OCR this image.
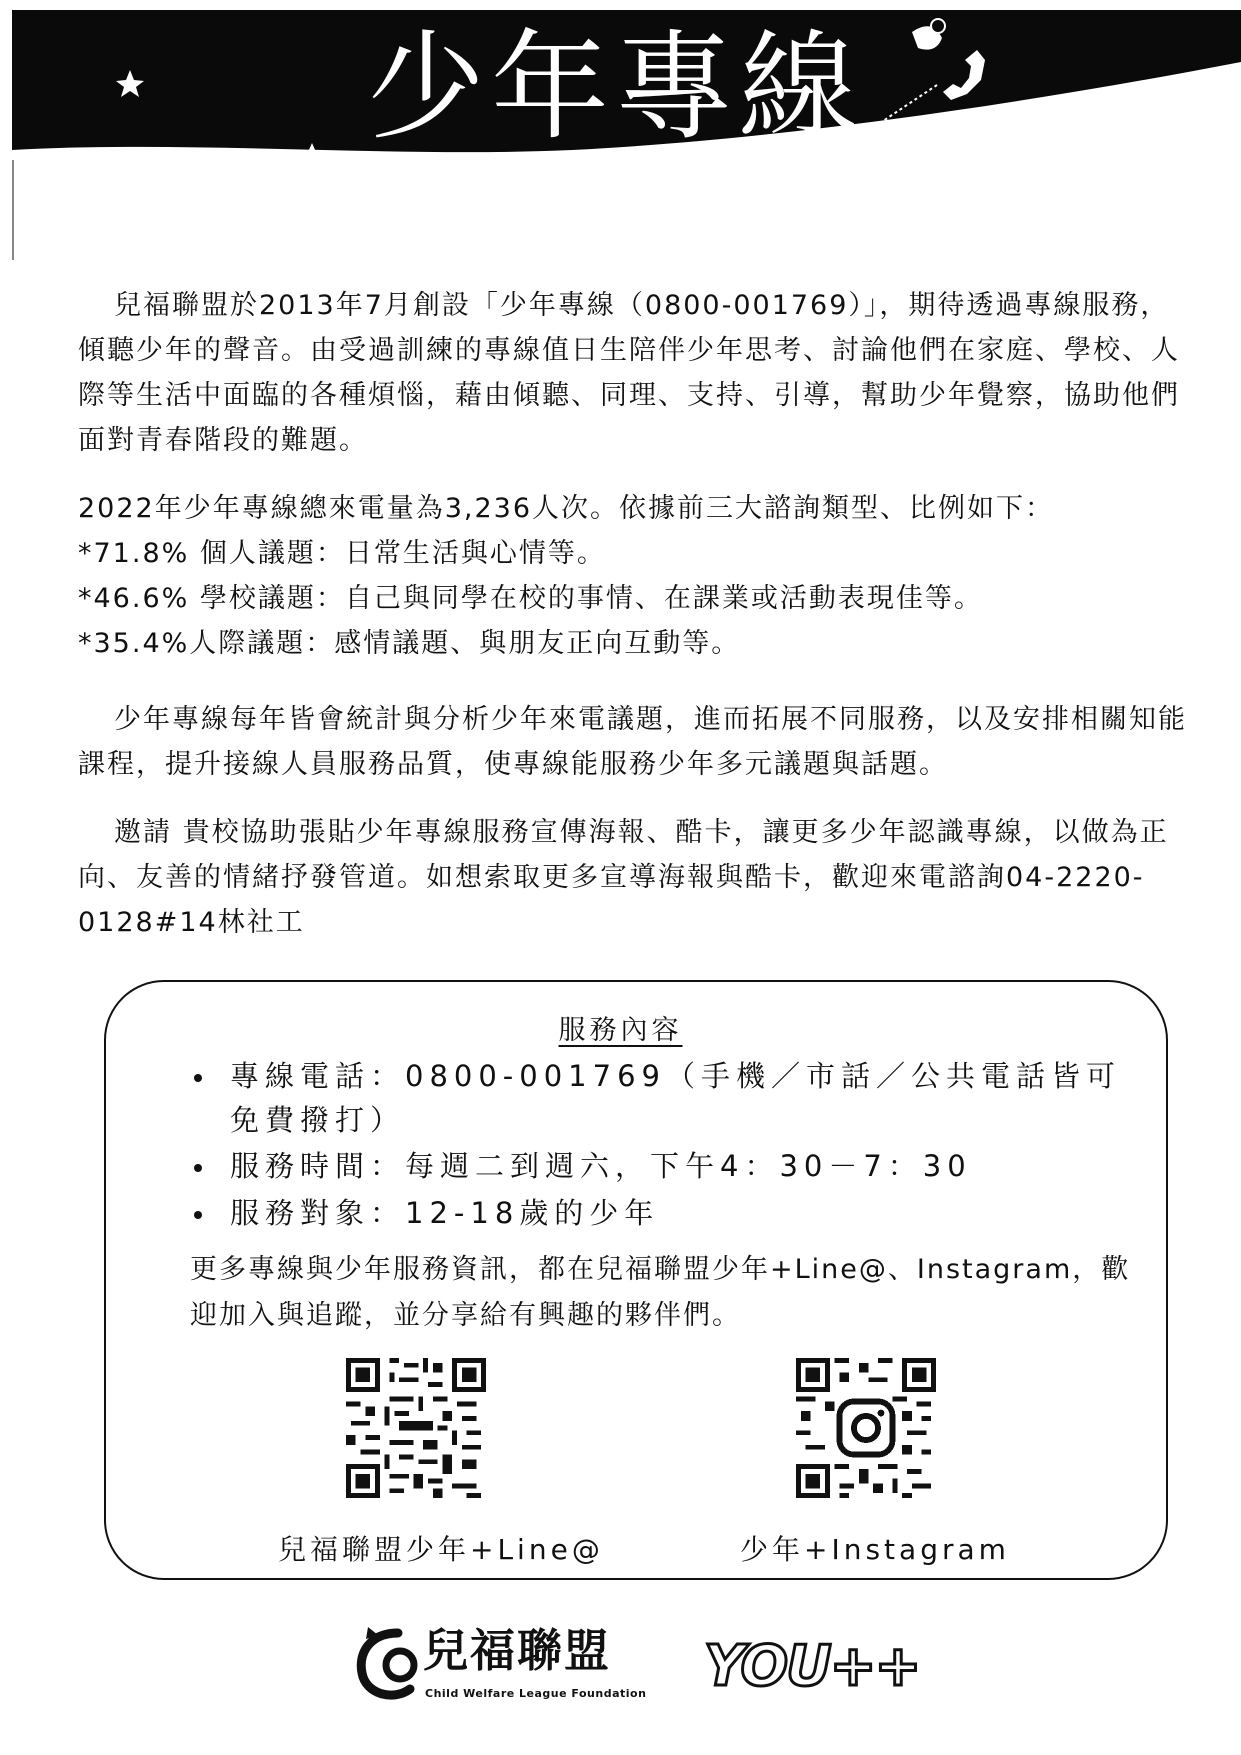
少年專線

兒福聯盟於2013年7月創設「少年專線（0800-001769）」，期待透過專線服務，傾聽少年的聲音。由受過訓練的專線值日生陪伴少年思考、討論他們在家庭、學校、人際等生活中面臨的各種煩惱，藉由傾聽、同理、支持、引導，幫助少年覺察，協助他們面對青春階段的難題。

2022年少年專線總來電量為3,236人次。依據前三大諮詢類型、比例如下：
*71.8% 個人議題：日常生活與心情等。
*46.6% 學校議題：自己與同學在校的事情、在課業或活動表現佳等。
*35.4%人際議題：感情議題、與朋友正向互動等。

少年專線每年皆會統計與分析少年來電議題，進而拓展不同服務，以及安排相關知能課程，提升接線人員服務品質，使專線能服務少年多元議題與話題。

邀請 貴校協助張貼少年專線服務宣傳海報、酷卡，讓更多少年認識專線，以做為正向、友善的情緒抒發管道。如想索取更多宣導海報與酷卡，歡迎來電諮詢04-2220-0128#14林社工

服務內容
專線電話：0800-001769（手機／市話／公共電話皆可
免費撥打）
服務時間：每週二到週六，下午4：30－7：30
服務對象：12-18歲的少年

更多專線與少年服務資訊，都在兒福聯盟少年+Line@、Instagram，歡迎加入與追蹤，並分享給有興趣的夥伴們。

兒福聯盟少年+Line@	少年+Instagram
兒福聯盟
Child Welfare League Foundation YOU++
